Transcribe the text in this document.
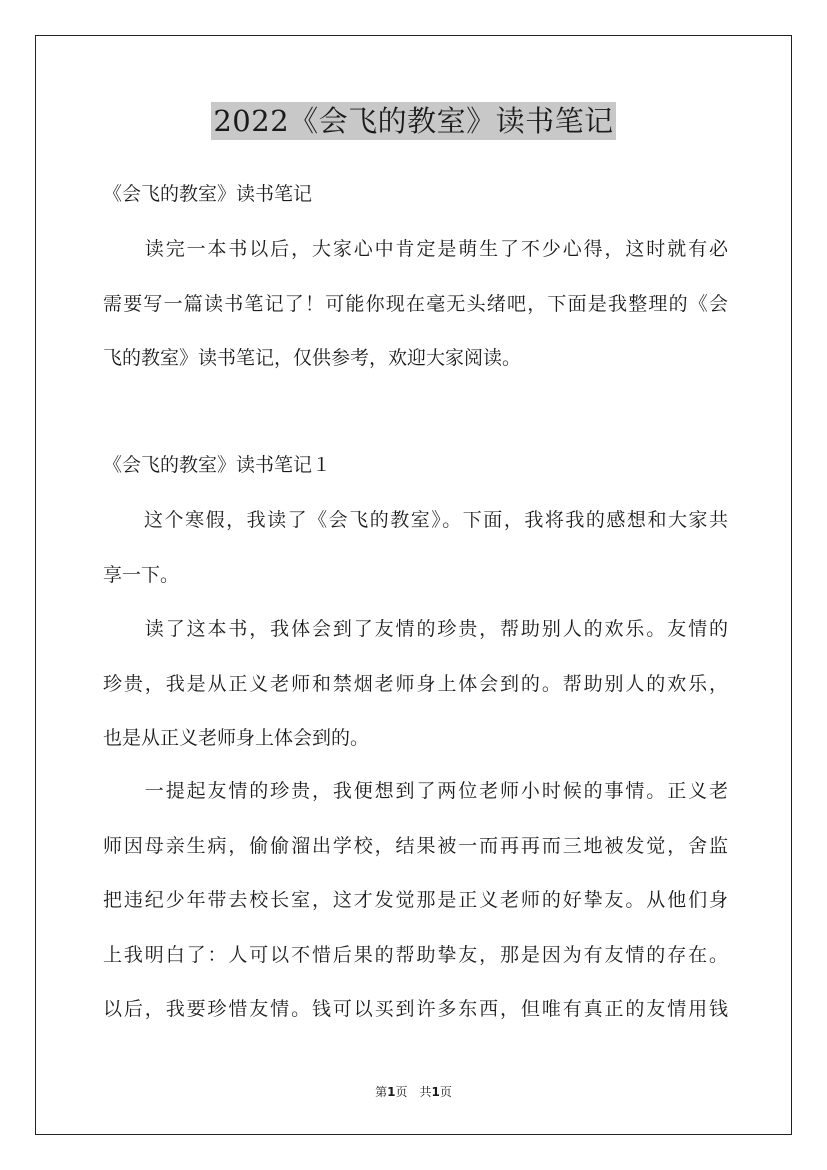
2022《会飞的教室》读书笔记
《会飞的教室》读书笔记
　　读完一本书以后，大家心中肯定是萌生了不少心得，这时就有必
需要写一篇读书笔记了！可能你现在毫无头绪吧，下面是我整理的《会
飞的教室》读书笔记，仅供参考，欢迎大家阅读。
《会飞的教室》读书笔记１
　　这个寒假，我读了《会飞的教室》。下面，我将我的感想和大家共
享一下。
　　读了这本书，我体会到了友情的珍贵，帮助别人的欢乐。友情的
珍贵，我是从正义老师和禁烟老师身上体会到的。帮助别人的欢乐，
也是从正义老师身上体会到的。
　　一提起友情的珍贵，我便想到了两位老师小时候的事情。正义老
师因母亲生病，偷偷溜出学校，结果被一而再再而三地被发觉，舍监
把违纪少年带去校长室，这才发觉那是正义老师的好挚友。从他们身
上我明白了：人可以不惜后果的帮助挚友，那是因为有友情的存在。
以后，我要珍惜友情。钱可以买到许多东西，但唯有真正的友情用钱
第1页　共1页
